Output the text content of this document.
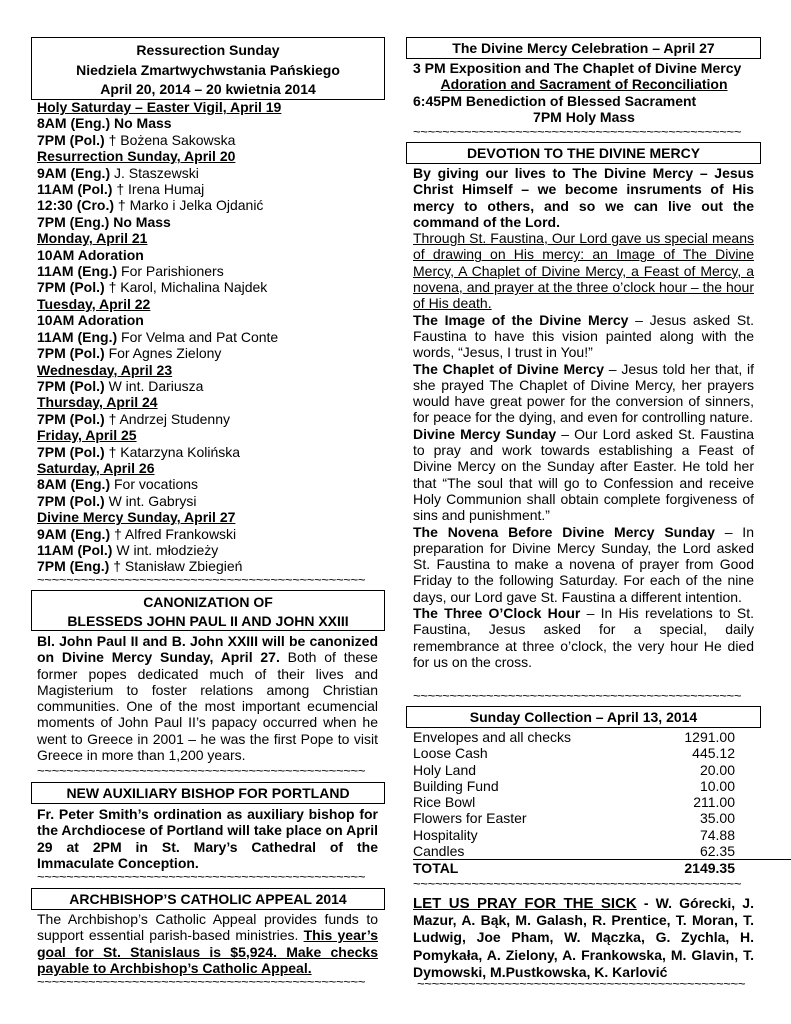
Ressurection Sunday
Niedziela Zmartwychwstania Pańskiego
April 20, 2014 – 20 kwietnia 2014
Holy Saturday – Easter Vigil, April 19
8AM (Eng.) No Mass
7PM (Pol.) † Bożena Sakowska
Resurrection Sunday, April 20
9AM (Eng.) J. Staszewski
11AM (Pol.) † Irena Humaj
12:30 (Cro.) † Marko i Jelka Ojdanić
7PM (Eng.) No Mass
Monday, April 21
10AM Adoration
11AM (Eng.) For Parishioners
7PM (Pol.) † Karol, Michalina Najdek
Tuesday, April 22
10AM Adoration
11AM (Eng.) For Velma and Pat Conte
7PM (Pol.) For Agnes Zielony
Wednesday, April 23
7PM (Pol.) W int. Dariusza
Thursday, April 24
7PM (Pol.) † Andrzej Studenny
Friday, April 25
7PM (Pol.) † Katarzyna Kolińska
Saturday, April 26
8AM (Eng.) For vocations
7PM (Pol.) W int. Gabrysi
Divine Mercy Sunday, April 27
9AM (Eng.) † Alfred Frankowski
11AM (Pol.) W int. młodzieży
7PM (Eng.) † Stanisław Zbiegień
~~~~~~~~~~~~~~~~~~~~~~~~~~~~~~~~~~~~~~~~~~~~~
CANONIZATION OF
BLESSEDS JOHN PAUL II AND JOHN XXIII
Bl. John Paul II and B. John XXIII will be canonized on Divine Mercy Sunday, April 27. Both of these former popes dedicated much of their lives and Magisterium to foster relations among Christian communities. One of the most important ecumencial moments of John Paul II’s papacy occurred when he went to Greece in 2001 – he was the first Pope to visit Greece in more than 1,200 years.
~~~~~~~~~~~~~~~~~~~~~~~~~~~~~~~~~~~~~~~~~~~~~
NEW AUXILIARY BISHOP FOR PORTLAND
Fr. Peter Smith’s ordination as auxiliary bishop for the Archdiocese of Portland will take place on April 29 at 2PM in St. Mary’s Cathedral of the Immaculate Conception.
~~~~~~~~~~~~~~~~~~~~~~~~~~~~~~~~~~~~~~~~~~~~~
ARCHBISHOP’S CATHOLIC APPEAL 2014
The Archbishop’s Catholic Appeal provides funds to support essential parish-based ministries. This year’s goal for St. Stanislaus is $5,924. Make checks payable to Archbishop’s Catholic Appeal.
~~~~~~~~~~~~~~~~~~~~~~~~~~~~~~~~~~~~~~~~~~~~~
The Divine Mercy Celebration – April 27
3 PM Exposition and The Chaplet of Divine Mercy
Adoration and Sacrament of Reconciliation
6:45PM Benediction of Blessed Sacrament
7PM Holy Mass
~~~~~~~~~~~~~~~~~~~~~~~~~~~~~~~~~~~~~~~~~~~~~
DEVOTION TO THE DIVINE MERCY
By giving our lives to The Divine Mercy – Jesus Christ Himself – we become insruments of His mercy to others, and so we can live out the command of the Lord.
Through St. Faustina, Our Lord gave us special means of drawing on His mercy: an Image of The Divine Mercy, A Chaplet of Divine Mercy, a Feast of Mercy, a novena, and prayer at the three o’clock hour – the hour of His death.
The Image of the Divine Mercy – Jesus asked St. Faustina to have this vision painted along with the words, “Jesus, I trust in You!”
The Chaplet of Divine Mercy – Jesus told her that, if she prayed The Chaplet of Divine Mercy, her prayers would have great power for the conversion of sinners, for peace for the dying, and even for controlling nature.
Divine Mercy Sunday – Our Lord asked St. Faustina to pray and work towards establishing a Feast of Divine Mercy on the Sunday after Easter. He told her that “The soul that will go to Confession and receive Holy Communion shall obtain complete forgiveness of sins and punishment.”
The Novena Before Divine Mercy Sunday – In preparation for Divine Mercy Sunday, the Lord asked St. Faustina to make a novena of prayer from Good Friday to the following Saturday. For each of the nine days, our Lord gave St. Faustina a different intention.
The Three O’Clock Hour – In His revelations to St. Faustina, Jesus asked for a special, daily remembrance at three o’clock, the very hour He died for us on the cross.
~~~~~~~~~~~~~~~~~~~~~~~~~~~~~~~~~~~~~~~~~~~~~
Sunday Collection – April 13, 2014
Envelopes and all checks	1291.00
Loose Cash	445.12
Holy Land	20.00
Building Fund	10.00
Rice Bowl	211.00
Flowers for Easter	35.00
Hospitality	74.88
Candles	62.35
TOTAL	2149.35
~~~~~~~~~~~~~~~~~~~~~~~~~~~~~~~~~~~~~~~~~~~~~
LET US PRAY FOR THE SICK - W. Górecki, J. Mazur, A. Bąk, M. Galash, R. Prentice, T. Moran, T. Ludwig, Joe Pham, W. Mączka, G. Zychla, H. Pomykała, A. Zielony, A. Frankowska, M. Glavin, T. Dymowski, M.Pustkowska, K. Karlović
~~~~~~~~~~~~~~~~~~~~~~~~~~~~~~~~~~~~~~~~~~~~~
